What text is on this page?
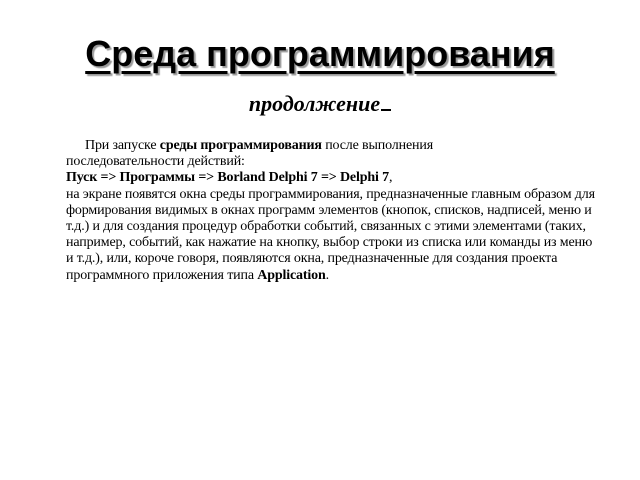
Среда программирования
продолжение

При запуске среды программирования после выполнения

последовательности действий:

Пуск => Программы => Borland Delphi 7 => Delphi 7,

на экране появятся окна среды программирования, предназначенные главным образом для формирования видимых в окнах программ элементов (кнопок, списков, надписей, меню и т.д.) и для создания процедур обработки событий, связанных с этими элементами (таких, например, событий, как нажатие на кнопку, выбор строки из списка или команды из меню и т.д.), или, короче говоря, появляются окна, предназначенные для создания проекта программного приложения типа Application.
